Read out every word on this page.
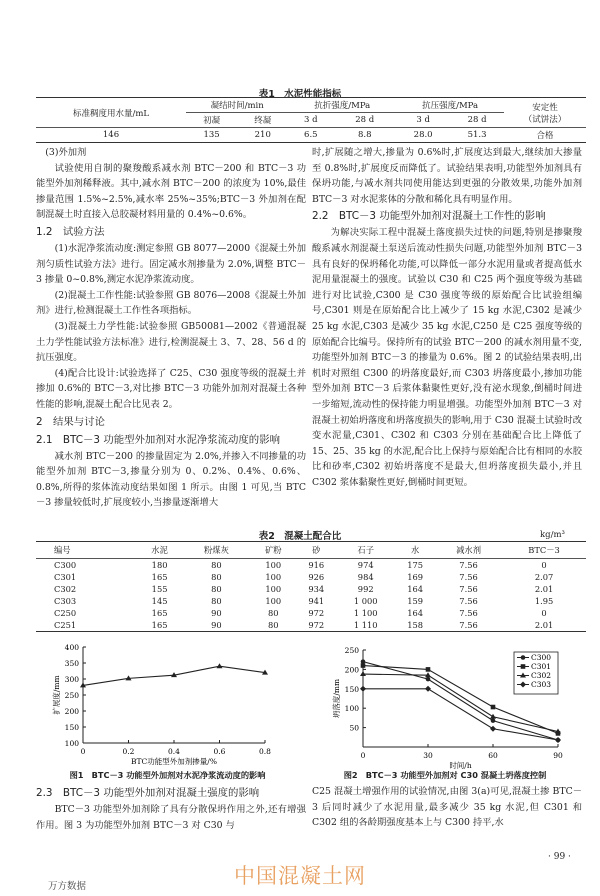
表1　水泥性能指标
标准稠度用水量/mL	凝结时间/min		抗折强度/MPa		抗压强度/MPa		安定性
（试饼法）
	初凝	终凝	3 d	28 d	3 d	28 d	
146	135	210	6.5	8.8	28.0	51.3	合格

(3)外加剂

试验使用自制的聚羧酸系减水剂 BTC－200 和 BTC－3 功能型外加剂稀释液。其中,减水剂 BTC－200 的浓度为 10%,最佳掺量范围 1.5%~2.5%,减水率 25%~35%;BTC－3 外加剂在配制混凝土时直接入总胶凝材料用量的 0.4%~0.6%。

1.2　试验方法

(1)水泥净浆流动度:测定参照 GB 8077—2000《混凝土外加剂匀质性试验方法》进行。固定减水剂掺量为 2.0%,调整 BTC－3 掺量 0~0.8%,测定水泥净浆流动度。

(2)混凝土工作性能:试验参照 GB 8076—2008《混凝土外加剂》进行,检测混凝土工作性各项指标。

(3)混凝土力学性能:试验参照 GB50081—2002《普通混凝土力学性能试验方法标准》进行,检测混凝土 3、7、28、56 d 的抗压强度。

(4)配合比设计:试验选择了 C25、C30 强度等级的混凝土并掺加 0.6%的 BTC－3,对比掺 BTC－3 功能外加剂对混凝土各种性能的影响,混凝土配合比见表 2。

2　结果与讨论
2.1　BTC－3 功能型外加剂对水泥净浆流动度的影响

减水剂 BTC－200 的掺量固定为 2.0%,并掺入不同掺量的功能型外加剂 BTC－3,掺量分别为 0、0.2%、0.4%、0.6%、0.8%,所得的浆体流动度结果如图 1 所示。由图 1 可见,当 BTC－3 掺量较低时,扩展度较小,当掺量逐渐增大

时,扩展随之增大,掺量为 0.6%时,扩展度达到最大,继续加大掺量至 0.8%时,扩展度反而降低了。试验结果表明,功能型外加剂具有保坍功能,与减水剂共同使用能达到更强的分散效果,功能外加剂 BTC－3 对水泥浆体的分散和稀化具有明显作用。

2.2　BTC－3 功能型外加剂对混凝土工作性的影响

为解决实际工程中混凝土落度损失过快的问题,特别是掺聚羧酸系减水剂混凝土泵送后流动性损失问题,功能型外加剂 BTC－3 具有良好的保坍稀化功能,可以降低一部分水泥用量或者提高低水泥用量混凝土的强度。试验以 C30 和 C25 两个强度等级为基础进行对比试验,C300 是 C30 强度等级的原始配合比试验组编号,C301 则是在原始配合比上减少了 15 kg 水泥,C302 是减少 25 kg 水泥,C303 是减少 35 kg 水泥,C250 是 C25 强度等级的原始配合比编号。保持所有的试验 BTC－200 的减水剂用量不变,功能型外加剂 BTC－3 的掺量为 0.6%。图 2 的试验结果表明,出机时对照组 C300 的坍落度最好,而 C303 坍落度最小,掺加功能型外加剂 BTC－3 后浆体黏聚性更好,没有泌水现象,倒桶时间进一步缩短,流动性的保持能力明显增强。功能型外加剂 BTC－3 对混凝土初始坍落度和坍落度损失的影响,用于 C30 混凝土试验时改变水泥量,C301、C302 和 C303 分别在基础配合比上降低了 15、25、35 kg 的水泥,配合比上保持与原始配合比有相同的水胶比和砂率,C302 初始坍落度不是最大,但坍落度损失最小,并且 C302 浆体黏聚性更好,倒桶时间更短。

表2　混凝土配合比	kg/m³
编号	水泥	粉煤灰	矿粉	砂	石子	水	减水剂	BTC－3
C300	180	80	100	916	974	175	7.56	0
C301	165	80	100	926	984	169	7.56	2.07
C302	155	80	100	934	992	164	7.56	2.01
C303	145	80	100	941	1 000	159	7.56	1.95
C250	165	90	80	972	1 100	164	7.56	0
C251	165	90	80	972	1 110	158	7.56	2.01
0	0.2	0.4	0.6	0.8
100
150
200
250
300
350
400
BTC功能型外加剂掺量/%
扩展度/mm
0	30	60	90
50
100
150
200
250
时间/h
坍落度/mm
C300
C301
C302
C303
图1　BTC－3 功能型外加剂对水泥净浆流动度的影响	图2　BTC－3 功能型外加剂对 C30 混凝土坍落度控制
2.3　BTC－3 功能型外加剂对混凝土强度的影响

BTC－3 功能型外加剂除了具有分散保坍作用之外,还有增强作用。图 3 为功能型外加剂 BTC－3 对 C30 与

C25 混凝土增强作用的试验情况,由图 3(a)可见,混凝土掺 BTC－3 后同时减少了水泥用量,最多减少 35 kg 水泥,但 C301 和 C302 组的各龄期强度基本上与 C300 持平,水

· 99 ·
中国混凝土网
万方数据
